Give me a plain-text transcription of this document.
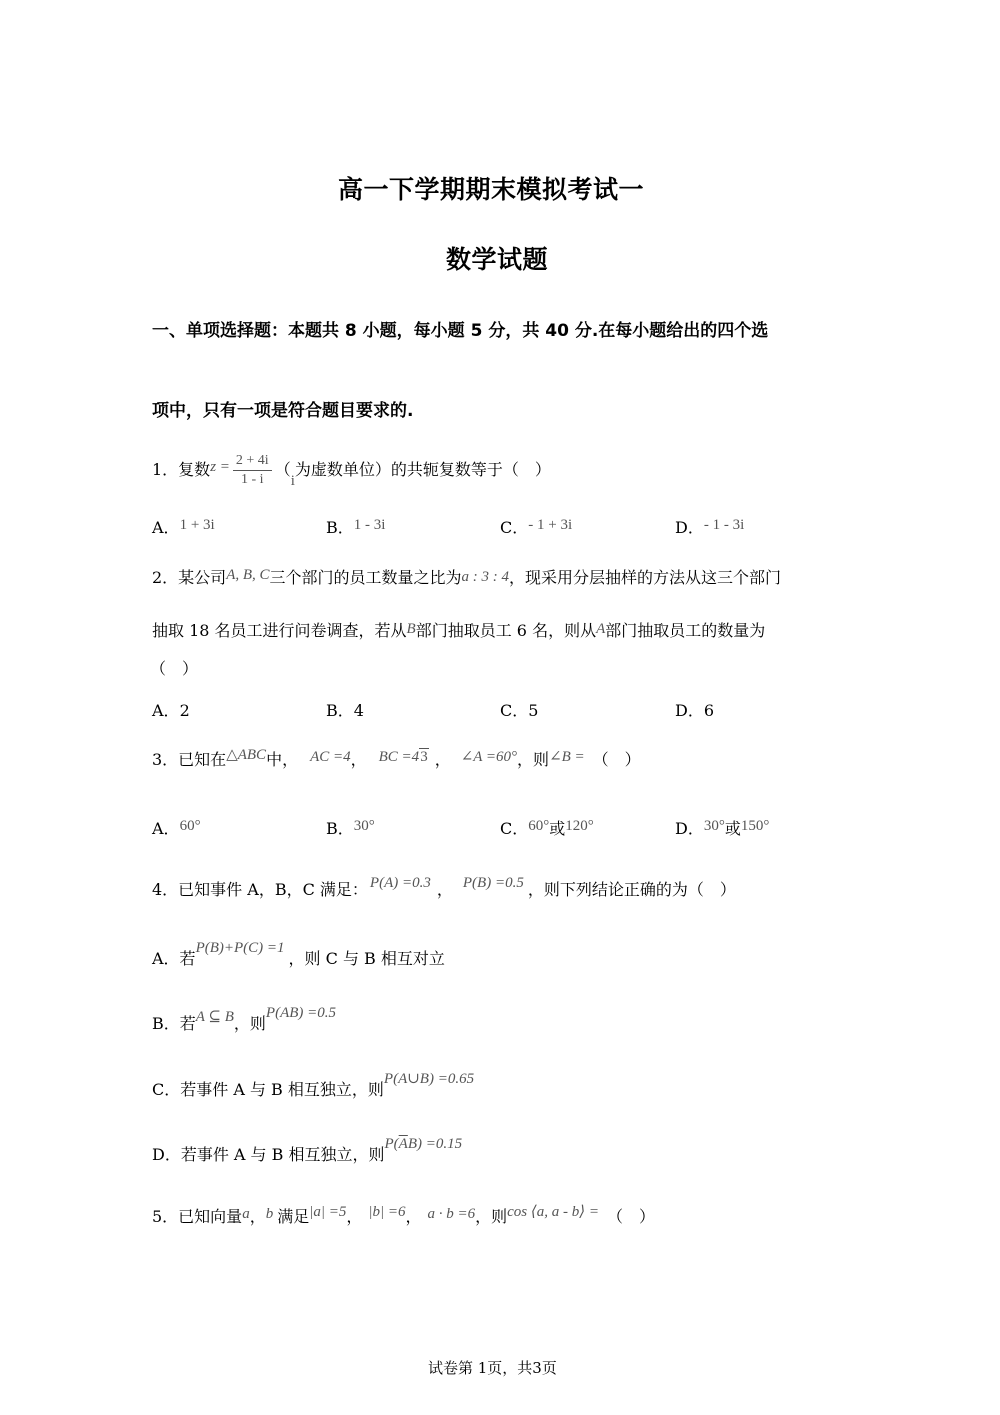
高一下学期期末模拟考试一
数学试题
一、单项选择题：本题共 8 小题，每小题 5 分，共 40 分.在每小题给出的四个选
项中，只有一项是符合题目要求的.
1．复数$z = \frac{2 + 4i}{1 - i} (i$为虚数单位）的共轭复数等于（　）
A．1 + 3i	B．1 - 3i	C．- 1 + 3i	D．- 1 - 3i
2．某公司A, B, C三个部门的员工数量之比为a : 3 : 4，现采用分层抽样的方法从这三个部门
抽取 18 名员工进行问卷调查，若从B部门抽取员工 6 名，则从A部门抽取员工的数量为
（　）
A．2	B．4	C．5	D．6
3．已知在△ABC中， AC =4， BC =43 ， ∠A =60°，则∠B = （　）
A．60°	B．30°	C．60°或120°	D．30°或150°
4．已知事件 A，B，C 满足： P(A) =0.3 ， P(B) =0.5 ，则下列结论正确的为（　）
A．若P(B)+P(C) =1，则 C 与 B 相互对立
B．若A ⊆ B，则P(AB) =0.5
C．若事件 A 与 B 相互独立，则P(A∪B) =0.65
D．若事件 A 与 B 相互独立，则$P(\overline{A}B) =0.15$
5．已知向量a，b 满足|a| =5， |b| =6， a · b =6，则cos ⟨a, a - b⟩ = （　）
试卷第 1页，共3页
